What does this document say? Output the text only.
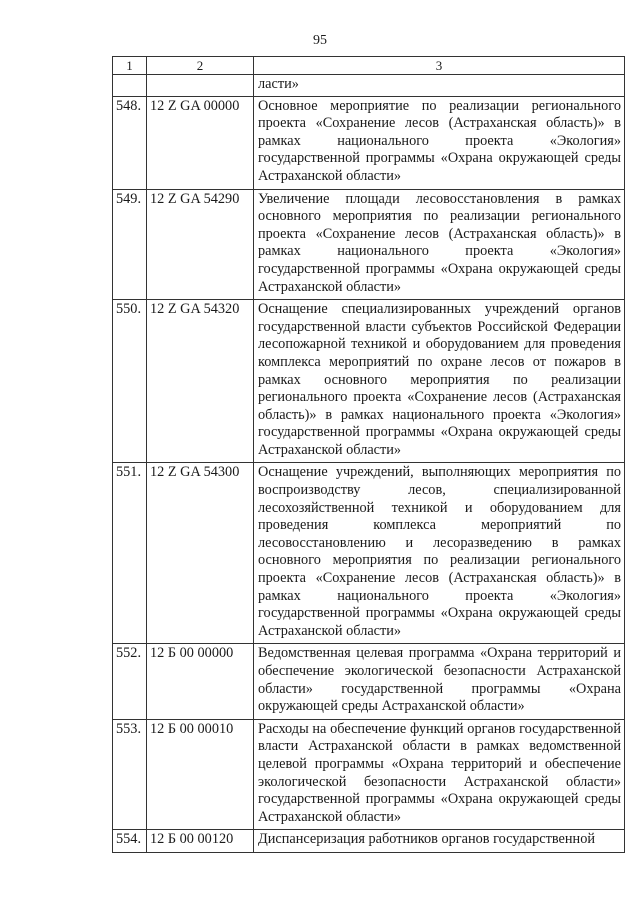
95
1	2	3
		ласти»
548.	12 Z GA 00000	Основное мероприятие по реализации регионального проекта «Сохранение лесов (Астраханская область)» в рамках национального проекта «Экология» государственной программы «Охрана окружающей среды Астраханской области»
549.	12 Z GA 54290	Увеличение площади лесовосстановления в рамках основного мероприятия по реализации регионального проекта «Сохранение лесов (Астраханская область)» в рамках национального проекта «Экология» государственной программы «Охрана окружающей среды Астраханской области»
550.	12 Z GA 54320	Оснащение специализированных учреждений органов государственной власти субъектов Российской Федерации лесопожарной техникой и оборудованием для проведения комплекса мероприятий по охране лесов от пожаров в рамках основного мероприятия по реализации регионального проекта «Сохранение лесов (Астраханская область)» в рамках национального проекта «Экология» государственной программы «Охрана окружающей среды Астраханской области»
551.	12 Z GA 54300	Оснащение учреждений, выполняющих мероприятия по воспроизводству лесов, специализированной лесохозяйственной техникой и оборудованием для проведения комплекса мероприятий по лесовосстановлению и лесоразведению в рамках основного мероприятия по реализации регионального проекта «Сохранение лесов (Астраханская область)» в рамках национального проекта «Экология» государственной программы «Охрана окружающей среды Астраханской области»
552.	12 Б 00 00000	Ведомственная целевая программа «Охрана территорий и обеспечение экологической безопасности Астраханской области» государственной программы «Охрана окружающей среды Астраханской области»
553.	12 Б 00 00010	Расходы на обеспечение функций органов государственной власти Астраханской области в рамках ведомственной целевой программы «Охрана территорий и обеспечение экологической безопасности Астраханской области» государственной программы «Охрана окружающей среды Астраханской области»
554.	12 Б 00 00120	Диспансеризация работников органов государственной
